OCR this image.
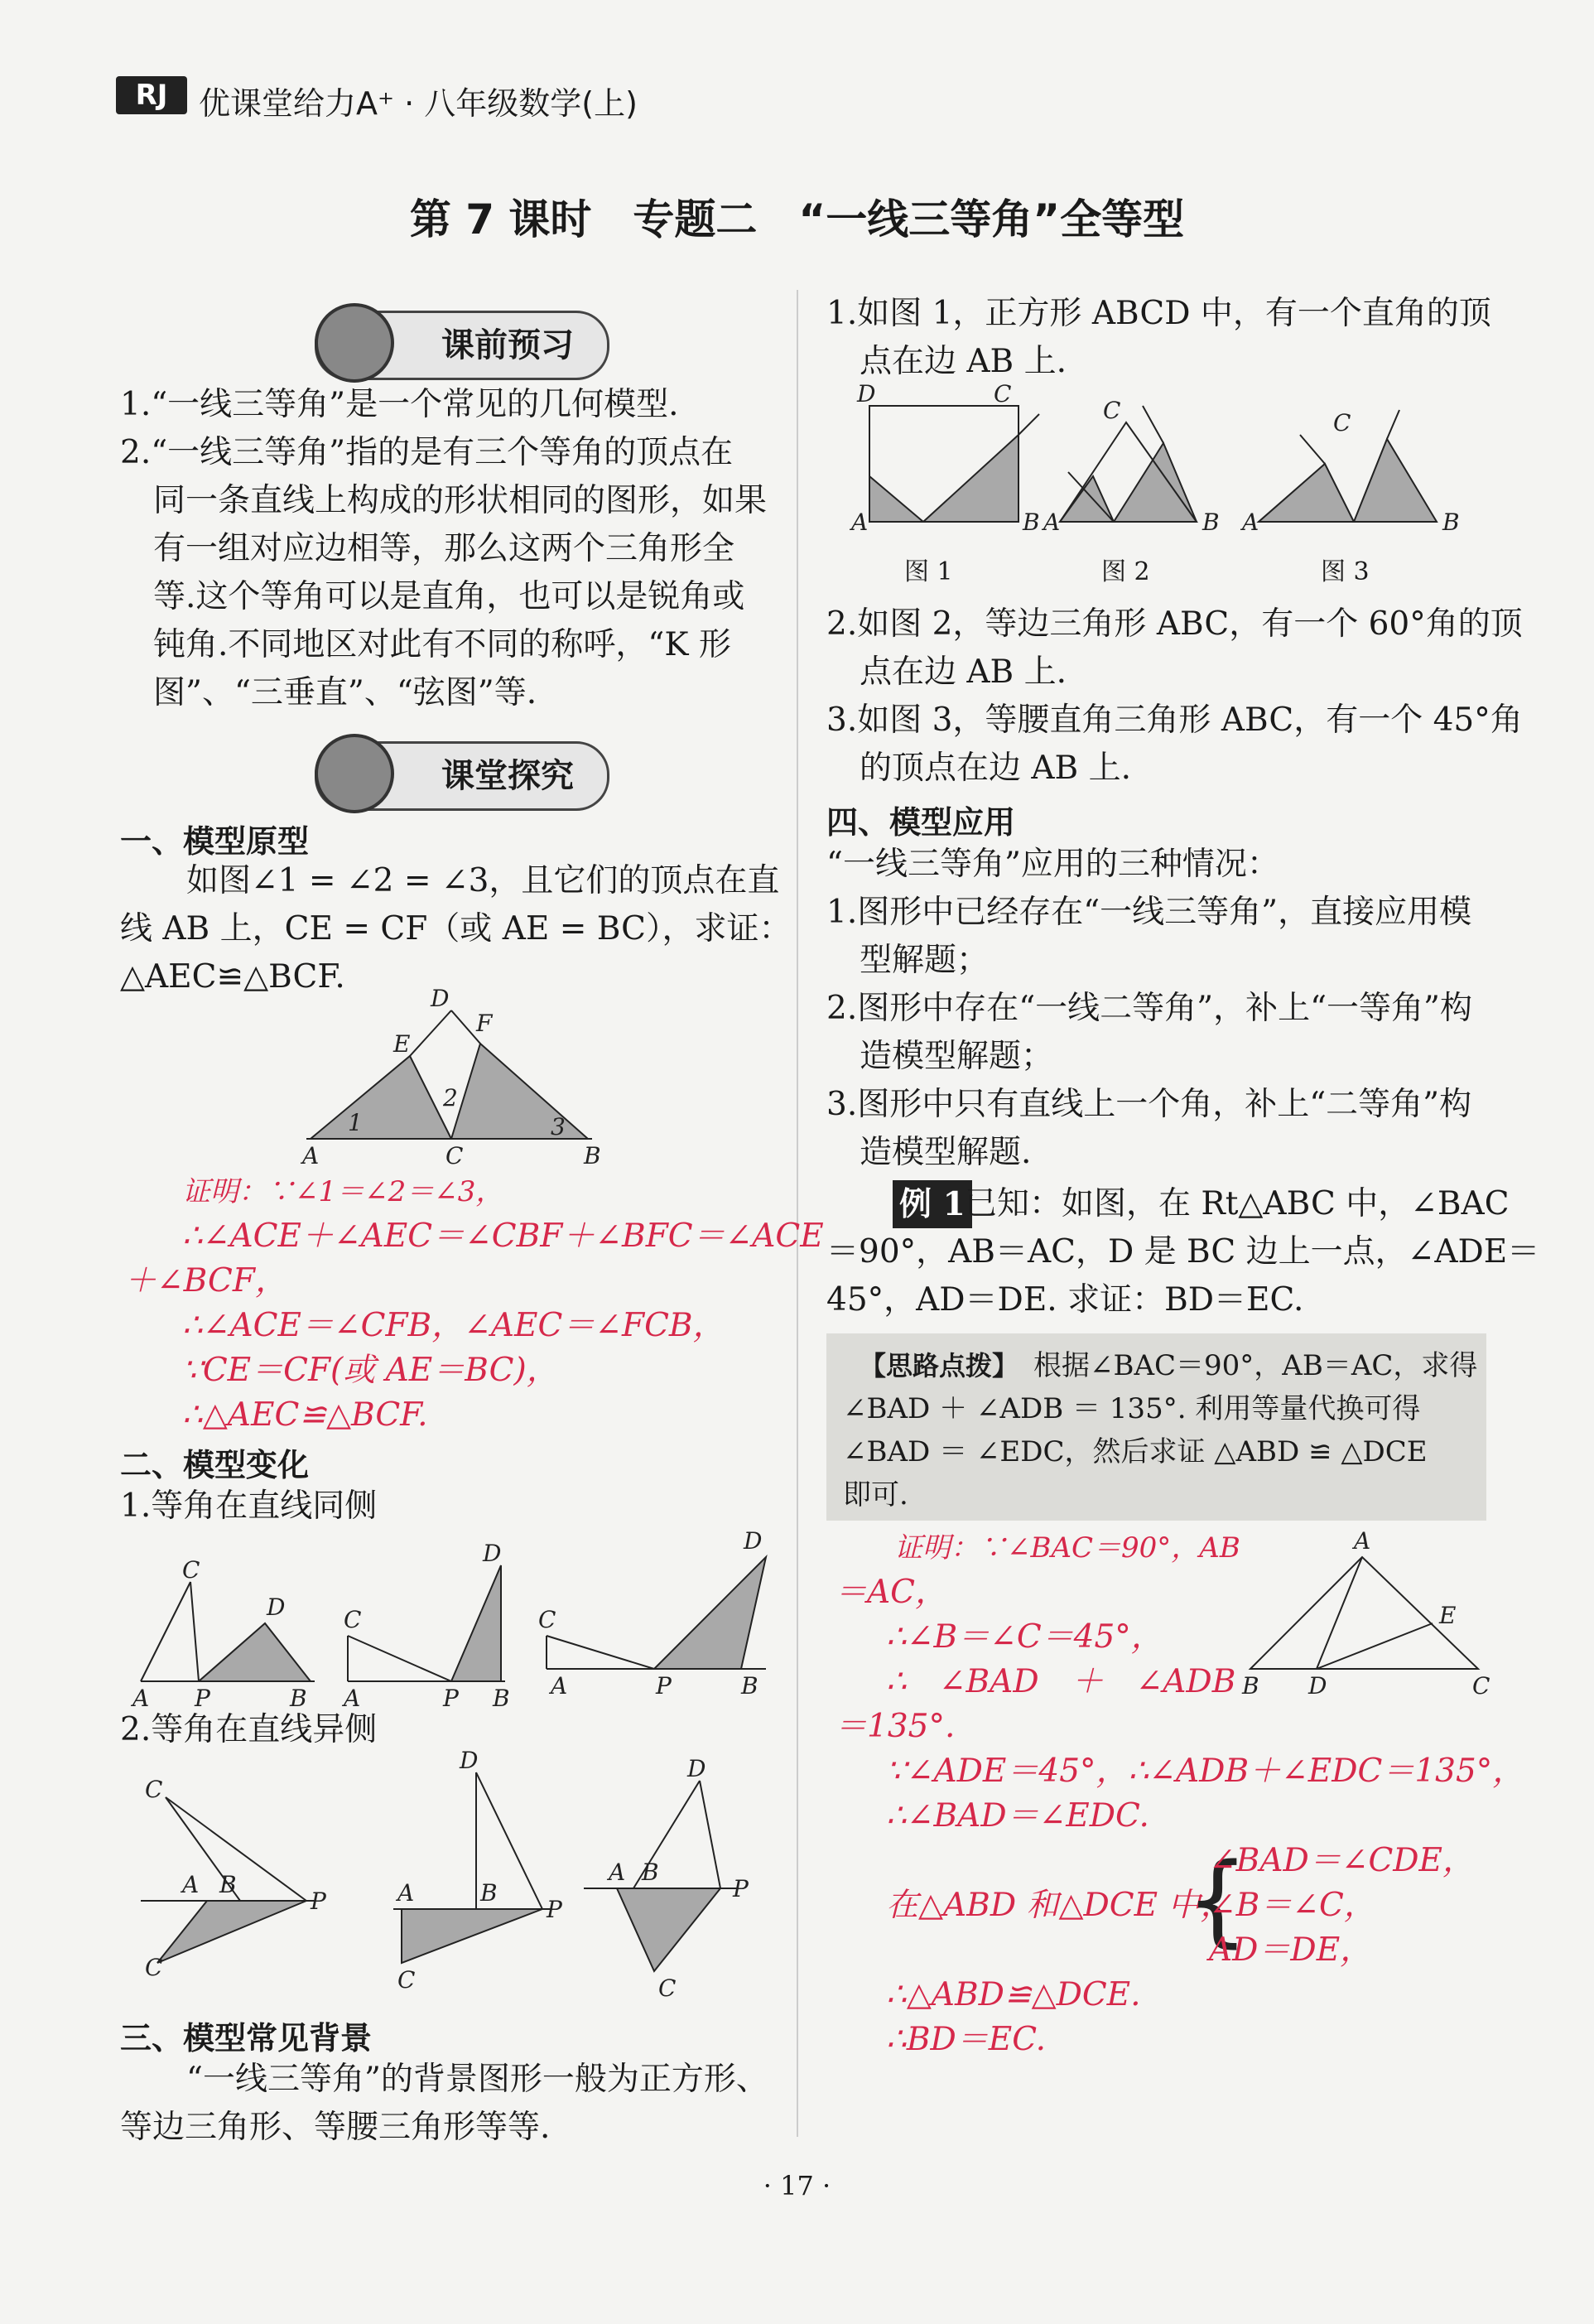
RJ 优课堂给力A⁺ · 八年级数学(上)
第 7 课时　专题二　“一线三等角”全等型
课前预习
1.“一线三等角”是一个常见的几何模型.
2.“一线三等角”指的是有三个等角的顶点在
同一条直线上构成的形状相同的图形，如果
有一组对应边相等，那么这两个三角形全
等.这个等角可以是直角，也可以是锐角或
钝角.不同地区对此有不同的称呼，“K 形
图”、“三垂直”、“弦图”等.
课堂探究
一、模型原型
如图∠1 = ∠2 = ∠3，且它们的顶点在直
线 AB 上，CE = CF（或 AE = BC），求证：
△AEC≌△BCF.
A	B
C
D
E
F
1
2
3
证明：∵∠1＝∠2＝∠3，
∴∠ACE＋∠AEC＝∠CBF＋∠BFC＝∠ACE
＋∠BCF，
∴∠ACE＝∠CFB，∠AEC＝∠FCB，
∵CE＝CF(或 AE＝BC)，
∴△AEC≌△BCF.
二、模型变化
1.等角在直线同侧
A P	B
C
D
A	P B
C
D
A	P	B
C
D
2.等角在直线异侧
C
A B
P
C
A	B
P
D
C
A B
P
D
C
三、模型常见背景
“一线三等角”的背景图形一般为正方形、
等边三角形、等腰三角形等等.
1.如图 1，正方形 ABCD 中，有一个直角的顶
点在边 AB 上.
A	B
C
D
A	B
C
A	B
C
图 1	图 2	图 3
2.如图 2，等边三角形 ABC，有一个 60°角的顶
点在边 AB 上.
3.如图 3，等腰直角三角形 ABC，有一个 45°角
的顶点在边 AB 上.
四、模型应用
“一线三等角”应用的三种情况：
1.图形中已经存在“一线三等角”，直接应用模
型解题；
2.图形中存在“一线二等角”，补上“一等角”构
造模型解题；
3.图形中只有直线上一个角，补上“二等角”构
造模型解题.
例 1 已知：如图，在 Rt△ABC 中，∠BAC
＝90°，AB＝AC，D 是 BC 边上一点，∠ADE＝
45°，AD＝DE. 求证：BD＝EC.
【思路点拨】 根据∠BAC＝90°，AB＝AC，求得
∠BAD ＋ ∠ADB ＝ 135°. 利用等量代换可得
∠BAD ＝ ∠EDC，然后求证 △ABD ≌ △DCE
即可.
A
B	C
D
E
证明：∵∠BAC＝90°，AB
＝AC，
∴∠B＝∠C＝45°，
∴　∠BAD　＋　∠ADB
＝135°.
∵∠ADE＝45°，∴∠ADB＋∠EDC＝135°，
∴∠BAD＝∠EDC.
在△ABD 和△DCE 中，
{
∠BAD＝∠CDE，
∠B＝∠C，
AD＝DE，
∴△ABD≌△DCE.
∴BD＝EC.
· 17 ·
